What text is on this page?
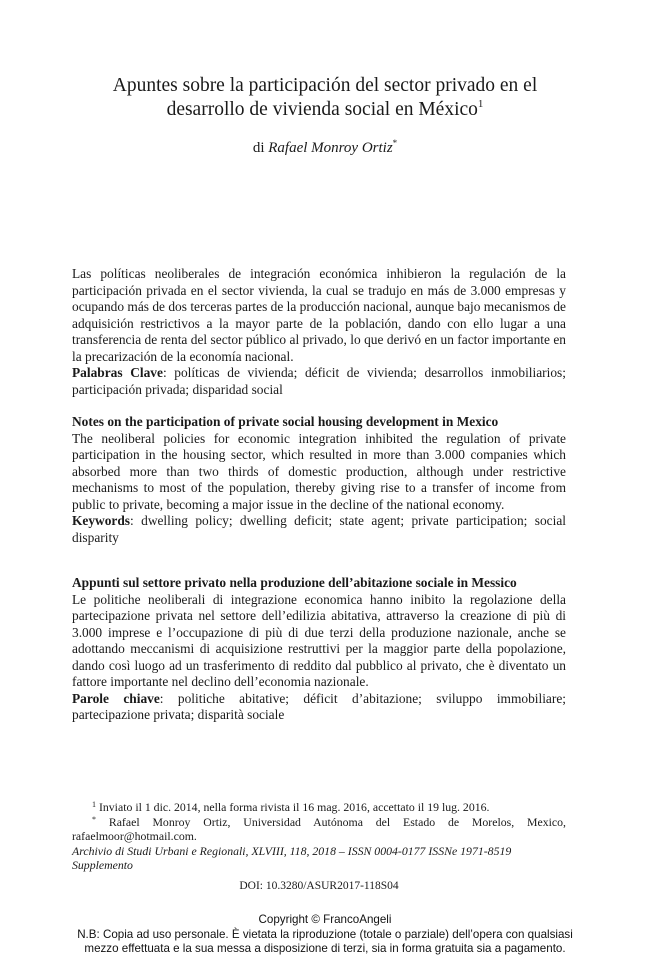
Apuntes sobre la participación del sector privado en el
desarrollo de vivienda social en México$^1$
di Rafael Monroy Ortiz*

Las políticas neoliberales de integración económica inhibieron la regulación de la participación privada en el sector vivienda, la cual se tradujo en más de 3.000 empresas y ocupando más de dos terceras partes de la producción nacional, aunque bajo mecanismos de adquisición restrictivos a la mayor parte de la población, dando con ello lugar a una transferencia de renta del sector público al privado, lo que derivó en un factor importante en la precarización de la economía nacional.

Palabras Clave: políticas de vivienda; déficit de vivienda; desarrollos inmobiliarios; participación privada; disparidad social

Notes on the participation of private social housing development in Mexico

The neoliberal policies for economic integration inhibited the regulation of private participation in the housing sector, which resulted in more than 3.000 companies which absorbed more than two thirds of domestic production, although under restrictive mechanisms to most of the population, thereby giving rise to a transfer of income from public to private, becoming a major issue in the decline of the national economy.

Keywords: dwelling policy; dwelling deficit; state agent; private participation; social disparity

Appunti sul settore privato nella produzione dell’abitazione sociale in Messico

Le politiche neoliberali di integrazione economica hanno inibito la regolazione della partecipazione privata nel settore dell’edilizia abitativa, attraverso la creazione di più di 3.000 imprese e l’occupazione di più di due terzi della produzione nazionale, anche se adottando meccanismi di acquisizione restruttivi per la maggior parte della popolazione, dando così luogo ad un trasferimento di reddito dal pubblico al privato, che è diventato un fattore importante nel declino dell’economia nazionale.

Parole chiave: politiche abitative; déficit d’abitazione; sviluppo immobiliare; partecipazione privata; disparità sociale

$^1$ Inviato il 1 dic. 2014, nella forma rivista il 16 mag. 2016, accettato il 19 lug. 2016.

* Rafael Monroy Ortiz, Universidad Autónoma del Estado de Morelos, Mexico, rafaelmoor@hotmail.com.

Archivio di Studi Urbani e Regionali, XLVIII, 118, 2018 – ISSN 0004-0177 ISSNe 1971-8519 Supplemento

DOI: 10.3280/ASUR2017-118S04

Copyright © FrancoAngeli

N.B: Copia ad uso personale. È vietata la riproduzione (totale o parziale) dell’opera con qualsiasi

mezzo effettuata e la sua messa a disposizione di terzi, sia in forma gratuita sia a pagamento.
